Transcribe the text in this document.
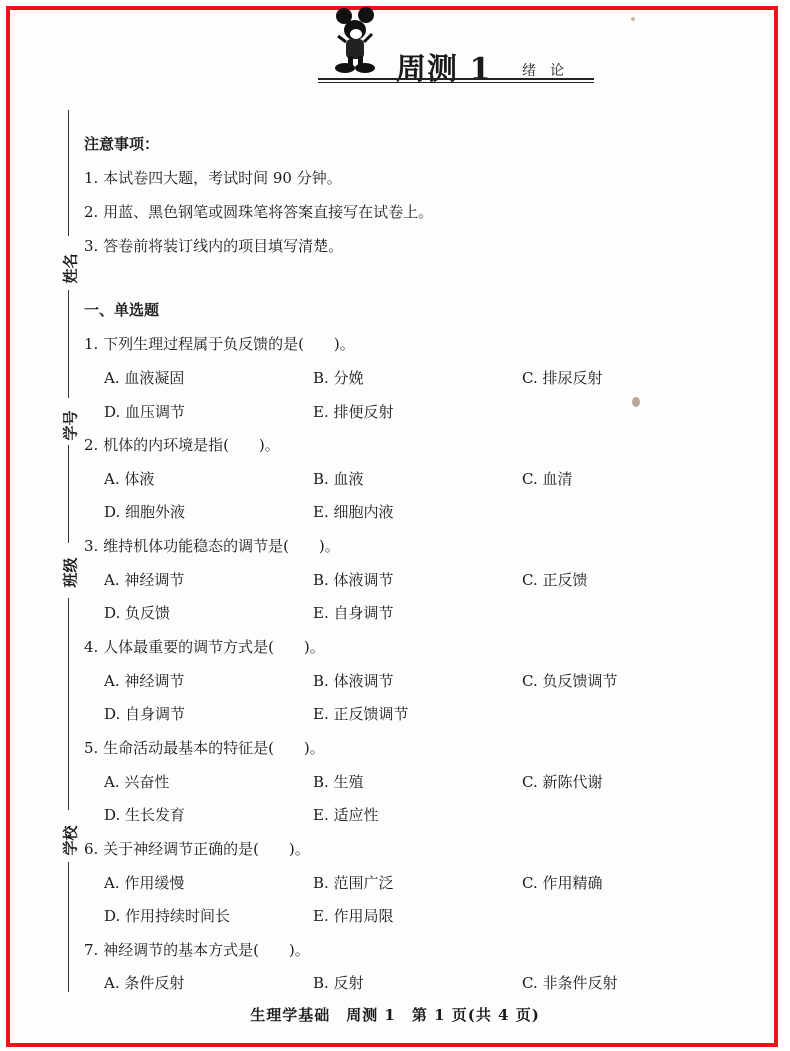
周测 1 绪论
姓名
学号
班级
学校
注意事项：
1. 本试卷四大题，考试时间 90 分钟。
2. 用蓝、黑色钢笔或圆珠笔将答案直接写在试卷上。
3. 答卷前将装订线内的项目填写清楚。
一、单选题
1. 下列生理过程属于负反馈的是(　　)。
A. 血液凝固	B. 分娩	C. 排尿反射
D. 血压调节	E. 排便反射
2. 机体的内环境是指(　　)。
A. 体液	B. 血液	C. 血清
D. 细胞外液	E. 细胞内液
3. 维持机体功能稳态的调节是(　　)。
A. 神经调节	B. 体液调节	C. 正反馈
D. 负反馈	E. 自身调节
4. 人体最重要的调节方式是(　　)。
A. 神经调节	B. 体液调节	C. 负反馈调节
D. 自身调节	E. 正反馈调节
5. 生命活动最基本的特征是(　　)。
A. 兴奋性	B. 生殖	C. 新陈代谢
D. 生长发育	E. 适应性
6. 关于神经调节正确的是(　　)。
A. 作用缓慢	B. 范围广泛	C. 作用精确
D. 作用持续时间长	E. 作用局限
7. 神经调节的基本方式是(　　)。
A. 条件反射	B. 反射	C. 非条件反射
生理学基础　周测 1　第 1 页(共 4 页)
